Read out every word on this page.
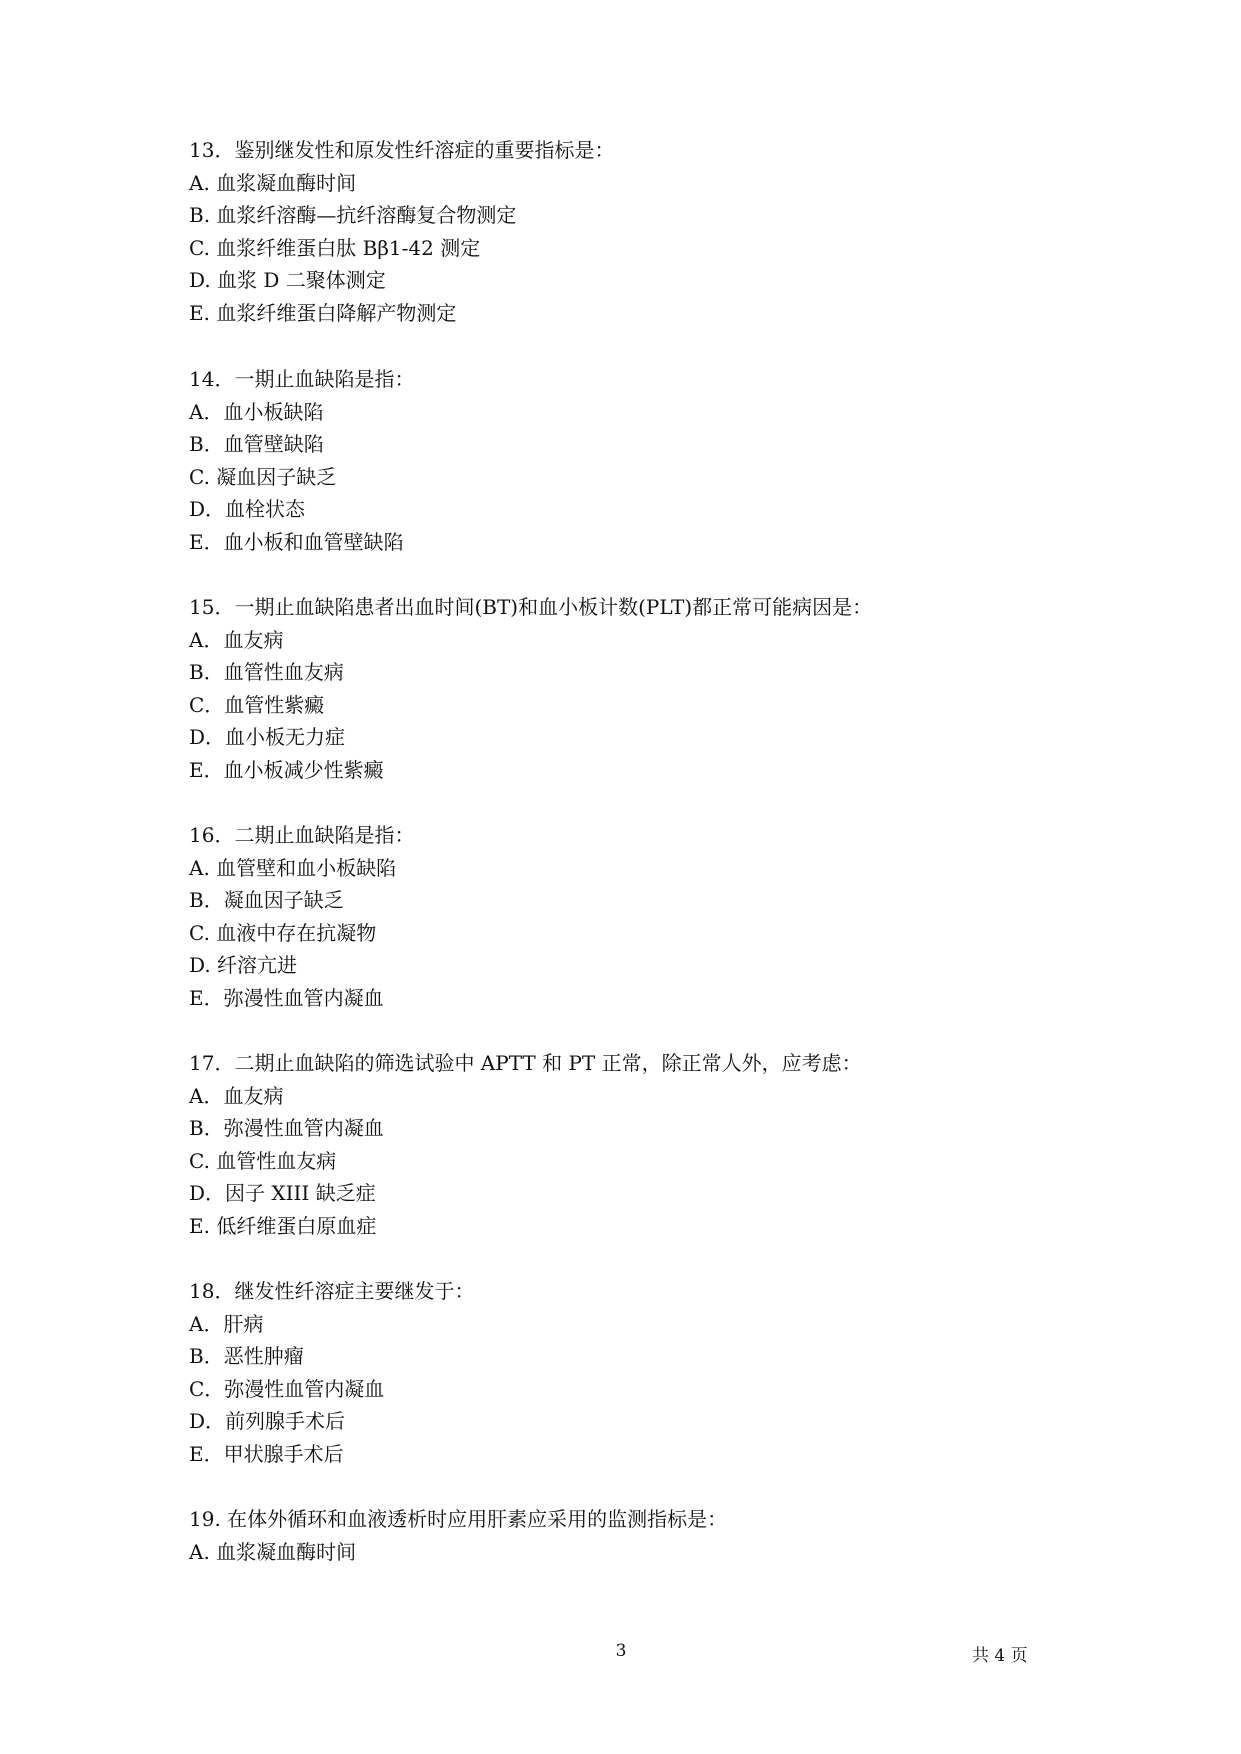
13．鉴别继发性和原发性纤溶症的重要指标是：
A. 血浆凝血酶时间
B. 血浆纤溶酶—抗纤溶酶复合物测定
C. 血浆纤维蛋白肽 Bβ1-42 测定
D. 血浆 D 二聚体测定
E. 血浆纤维蛋白降解产物测定
14．一期止血缺陷是指：
A．血小板缺陷
B．血管壁缺陷
C. 凝血因子缺乏
D．血栓状态
E．血小板和血管壁缺陷
15．一期止血缺陷患者出血时间(BT)和血小板计数(PLT)都正常可能病因是：
A．血友病
B．血管性血友病
C．血管性紫癜
D．血小板无力症
E．血小板减少性紫癜
16．二期止血缺陷是指：
A. 血管壁和血小板缺陷
B．凝血因子缺乏
C. 血液中存在抗凝物
D. 纤溶亢进
E．弥漫性血管内凝血
17．二期止血缺陷的筛选试验中 APTT 和 PT 正常，除正常人外，应考虑：
A．血友病
B．弥漫性血管内凝血
C. 血管性血友病
D．因子 XIII 缺乏症
E. 低纤维蛋白原血症
18．继发性纤溶症主要继发于：
A．肝病
B．恶性肿瘤
C．弥漫性血管内凝血
D．前列腺手术后
E．甲状腺手术后
19. 在体外循环和血液透析时应用肝素应采用的监测指标是：
A. 血浆凝血酶时间
3	共 4 页
